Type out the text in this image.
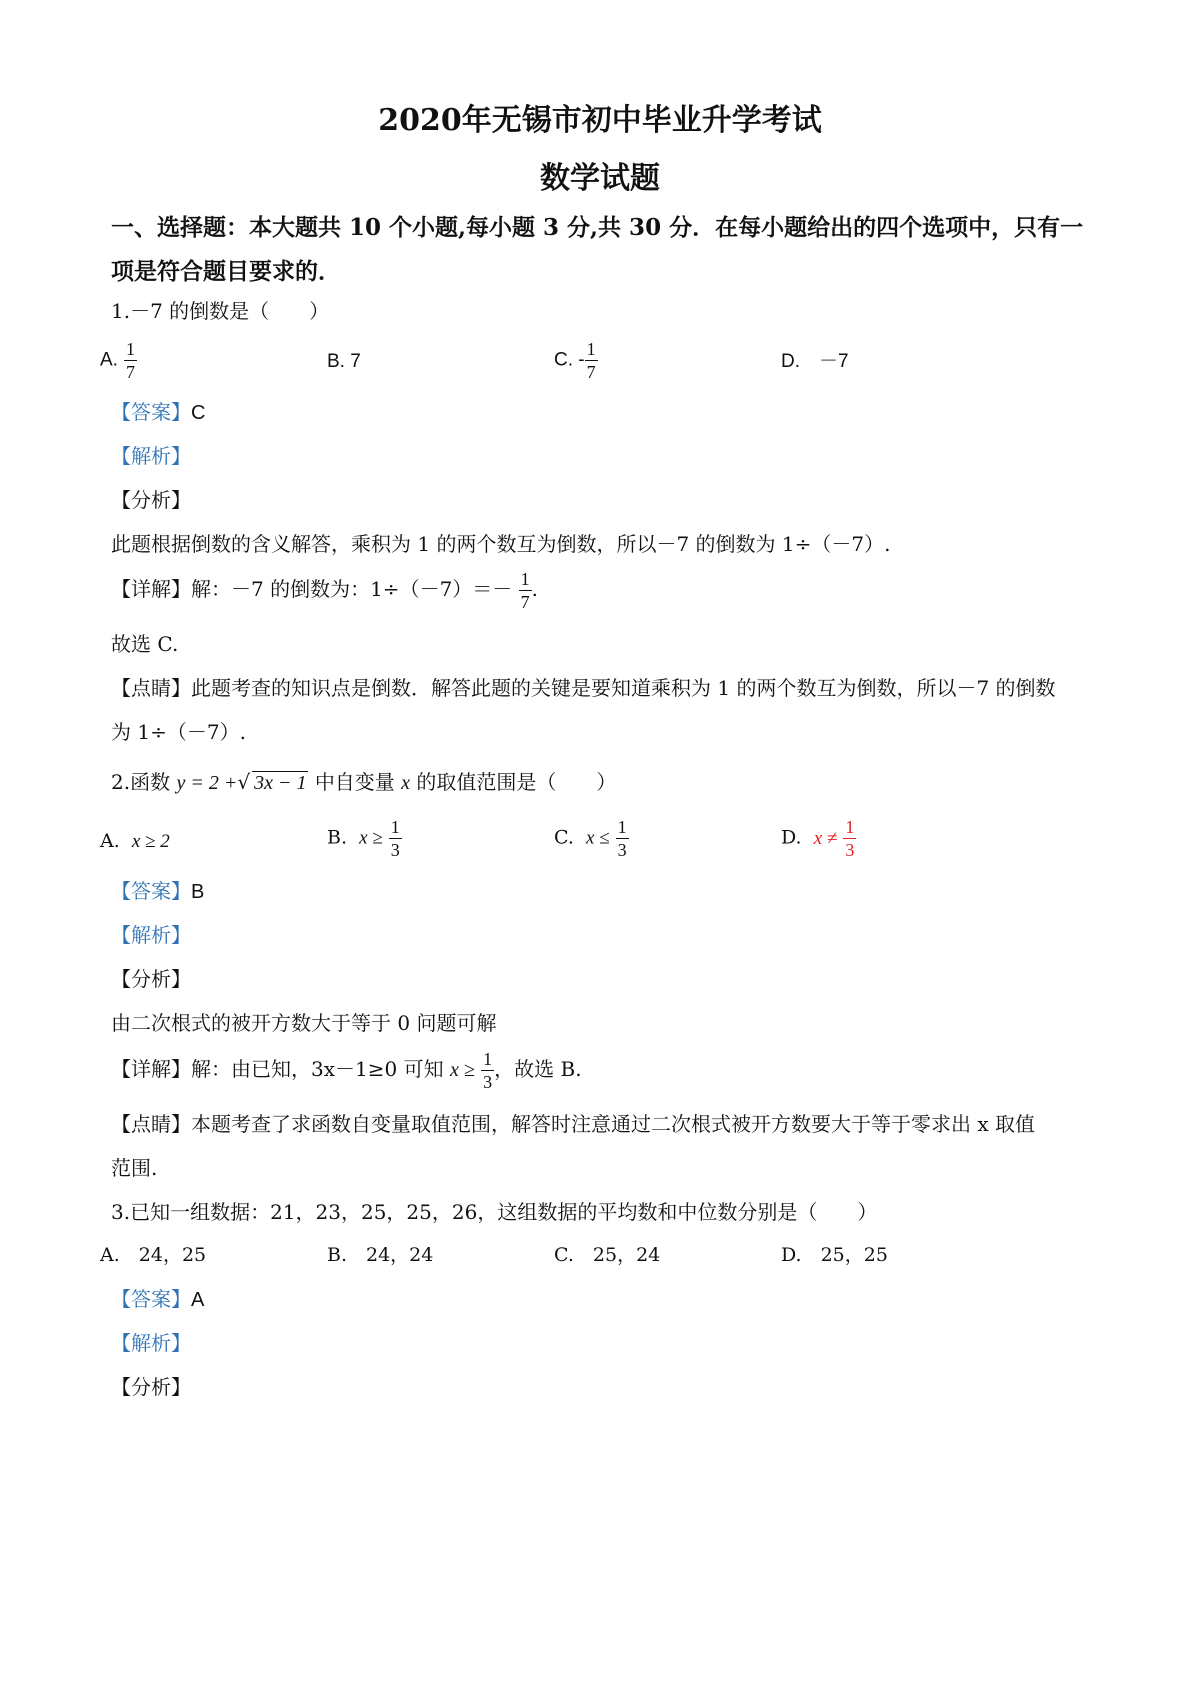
2020年无锡市初中毕业升学考试
数学试题
一、选择题：本大题共 10 个小题,每小题 3 分,共 30 分．在每小题给出的四个选项中，只有一
项是符合题目要求的．
1.－7 的倒数是（　　）
A. $\frac{1}{7}$	B. 7	C. - $\frac{1}{7}$	D.　－7
【答案】C
【解析】
【分析】
此题根据倒数的含义解答，乘积为 1 的两个数互为倒数，所以－7 的倒数为 1÷（－7）.
【详解】解：－7 的倒数为：$1\div(-7)=- \frac{1}{7}$ .
故选 C.
【点睛】此题考查的知识点是倒数．解答此题的关键是要知道乘积为 1 的两个数互为倒数，所以－7 的倒数
为 1÷（－7）.
2.函数 y = 2 +√ 3x − 1 中自变量 x 的取值范围是（　　）
A. x ≥ 2	B. $x \ge \frac{1}{3}$	C. $x \le \frac{1}{3}$	D. $x \ne \frac{1}{3}$
【答案】B
【解析】
【分析】
由二次根式的被开方数大于等于 0 问题可解
【详解】解：由已知，3x－1≥0 可知 $x \ge \frac{1}{3}$ ，故选 B.
【点睛】本题考查了求函数自变量取值范围，解答时注意通过二次根式被开方数要大于等于零求出 x 取值
范围.
3.已知一组数据：21，23，25，25，26，这组数据的平均数和中位数分别是（　　）
A.　24，25	B.　24，24	C.　25，24	D.　25，25
【答案】A
【解析】
【分析】
